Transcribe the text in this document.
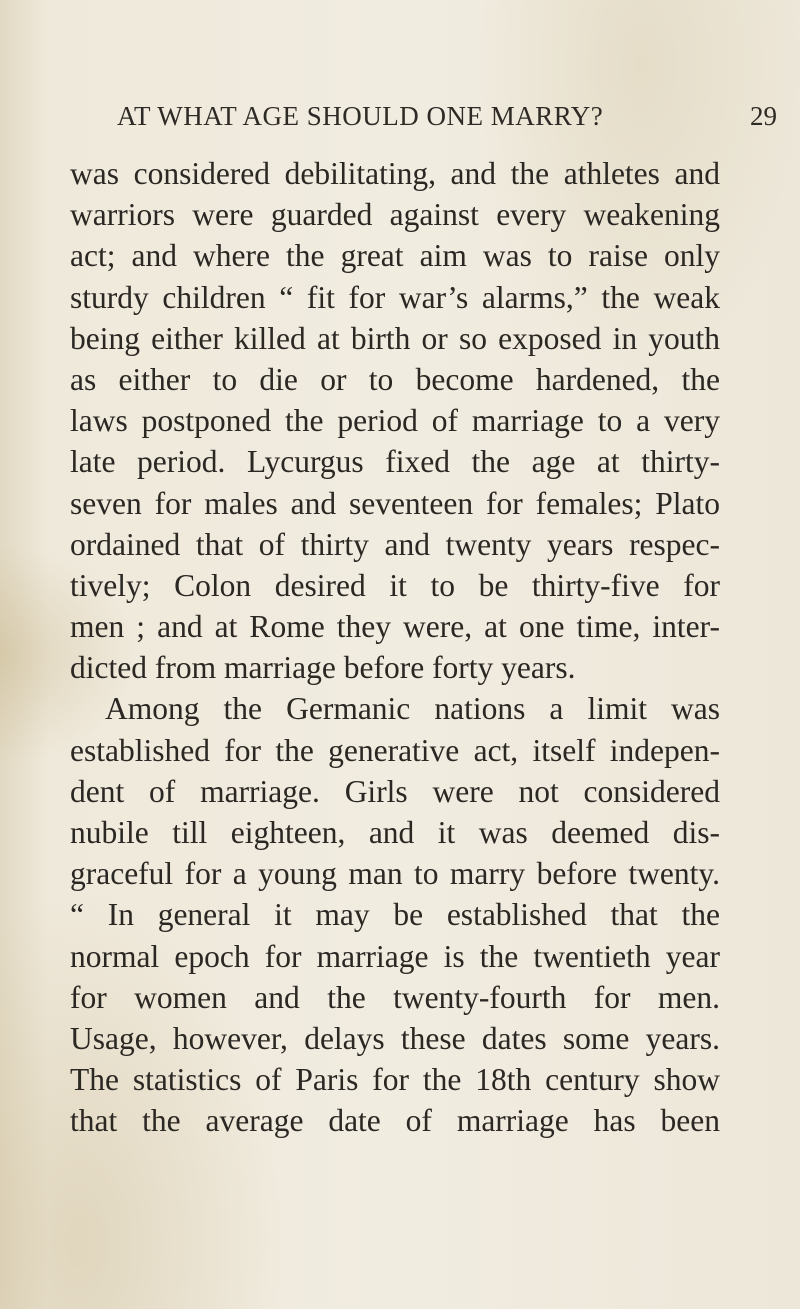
AT WHAT AGE SHOULD ONE MARRY?	29
was considered debilitating, and the athletes and
warriors were guarded against every weakening
act; and where the great aim was to raise only
sturdy children “ fit for war’s alarms,” the weak
being either killed at birth or so exposed in youth
as either to die or to become hardened, the
laws postponed the period of marriage to a very
late period. Lycurgus fixed the age at thirty-
seven for males and seventeen for females; Plato
ordained that of thirty and twenty years respec-
tively; Colon desired it to be thirty-five for
men ; and at Rome they were, at one time, inter-
dicted from marriage before forty years.
Among the Germanic nations a limit was
established for the generative act, itself indepen-
dent of marriage. Girls were not considered
nubile till eighteen, and it was deemed dis-
graceful for a young man to marry before twenty.
“ In general it may be established that the
normal epoch for marriage is the twentieth year
for women and the twenty-fourth for men.
Usage, however, delays these dates some years.
The statistics of Paris for the 18th century show
that the average date of marriage has been
